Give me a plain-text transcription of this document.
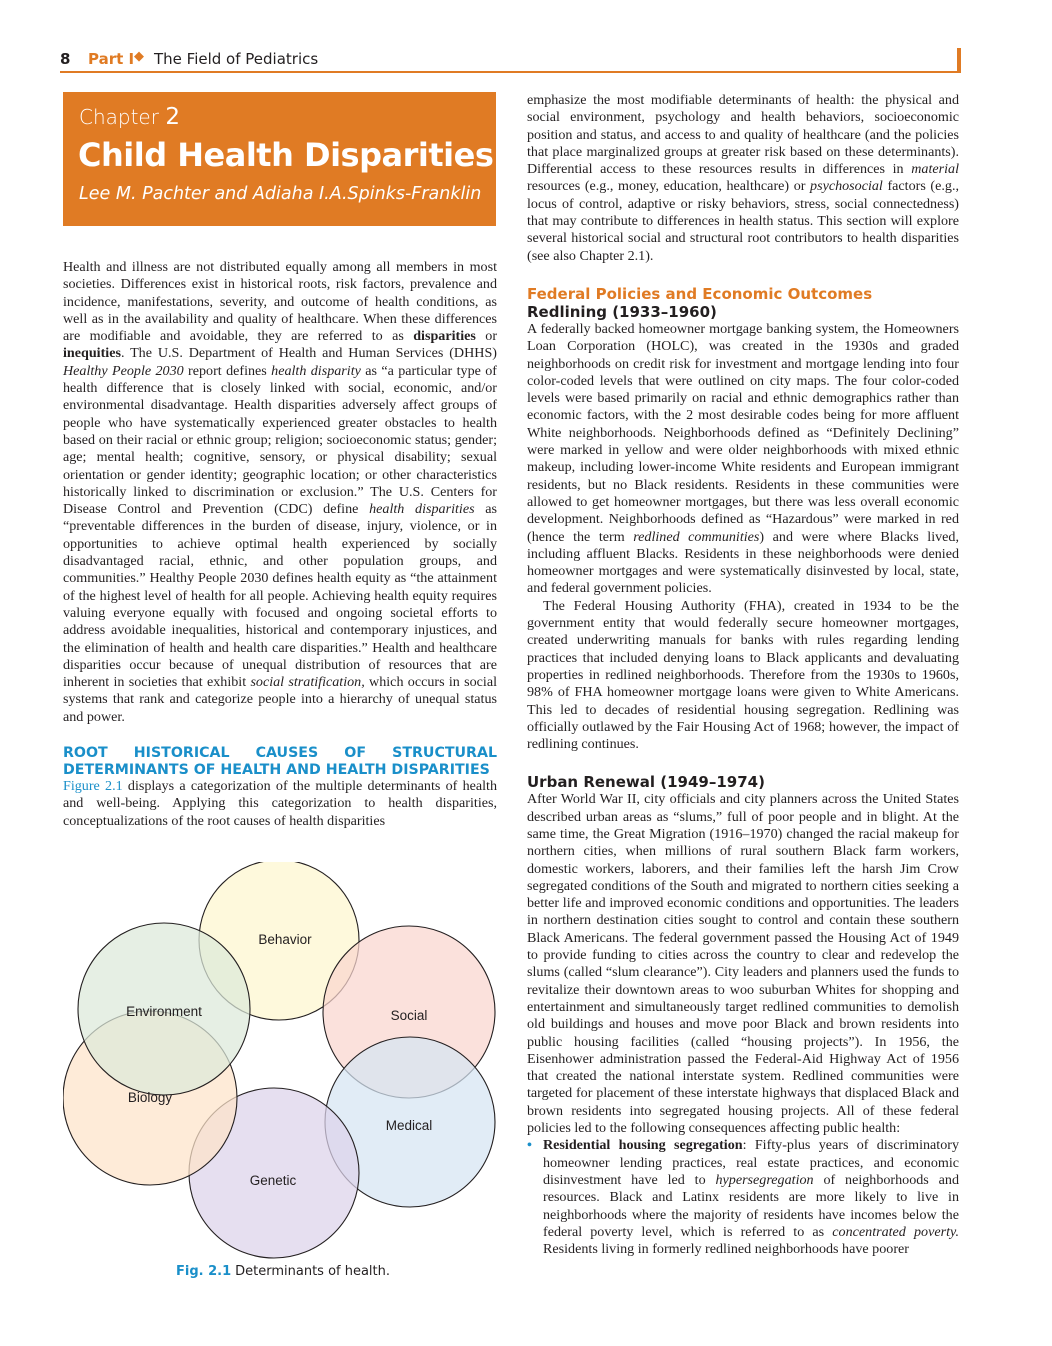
8 Part I ◆ The Field of Pediatrics
Chapter 2
Child Health Disparities
Lee M. Pachter and Adiaha I.A.Spinks-Franklin

Health and illness are not distributed equally among all members in most societies. Differences exist in historical roots, risk factors, prevalence and incidence, manifestations, severity, and outcome of health conditions, as well as in the availability and quality of healthcare. When these differences are modifiable and avoidable, they are referred to as disparities or inequities. The U.S. Department of Health and Human Services (DHHS) Healthy People 2030 report defines health disparity as “a particular type of health difference that is closely linked with social, economic, and/or environmental disadvantage. Health disparities adversely affect groups of people who have systematically experienced greater obstacles to health based on their racial or ethnic group; religion; socioeconomic status; gender; age; mental health; cognitive, sensory, or physical disability; sexual orientation or gender identity; geographic location; or other characteristics historically linked to discrimination or exclusion.” The U.S. Centers for Disease Control and Prevention (CDC) define health disparities as “preventable differences in the burden of disease, injury, violence, or in opportunities to achieve optimal health experienced by socially disadvantaged racial, ethnic, and other population groups, and communities.” Healthy People 2030 defines health equity as “the attainment of the highest level of health for all people. Achieving health equity requires valuing everyone equally with focused and ongoing societal efforts to address avoidable inequalities, historical and contemporary injustices, and the elimination of health and health care disparities.” Health and healthcare disparities occur because of unequal distribution of resources that are inherent in societies that exhibit social stratification, which occurs in social systems that rank and categorize people into a hierarchy of unequal status and power.

ROOT HISTORICAL CAUSES OF STRUCTURAL DETERMINANTS OF HEALTH AND HEALTH DISPARITIES

Figure 2.1 displays a categorization of the multiple determinants of health and well-being. Applying this categorization to health disparities, conceptualizations of the root causes of health disparities

Behavior
Social
Medical
Genetic
Biology
Environment
Fig. 2.1 Determinants of health.

emphasize the most modifiable determinants of health: the physical and social environment, psychology and health behaviors, socioeconomic position and status, and access to and quality of healthcare (and the policies that place marginalized groups at greater risk based on these determinants). Differential access to these resources results in differences in material resources (e.g., money, education, healthcare) or psychosocial factors (e.g., locus of control, adaptive or risky behaviors, stress, social connectedness) that may contribute to differences in health status. This section will explore several historical social and structural root contributors to health disparities (see also Chapter 2.1).

Federal Policies and Economic Outcomes
Redlining (1933–1960)

A federally backed homeowner mortgage banking system, the Homeowners Loan Corporation (HOLC), was created in the 1930s and graded neighborhoods on credit risk for investment and mortgage lending into four color-coded levels that were outlined on city maps. The four color-coded levels were based primarily on racial and ethnic demographics rather than economic factors, with the 2 most desirable codes being for more affluent White neighborhoods. Neighborhoods defined as “Definitely Declining” were marked in yellow and were older neighborhoods with mixed ethnic makeup, including lower-income White residents and European immigrant residents, but no Black residents. Residents in these communities were allowed to get homeowner mortgages, but there was less overall economic development. Neighborhoods defined as “Hazardous” were marked in red (hence the term redlined communities) and were where Blacks lived, including affluent Blacks. Residents in these neighborhoods were denied homeowner mortgages and were systematically disinvested by local, state, and federal government policies.

The Federal Housing Authority (FHA), created in 1934 to be the government entity that would federally secure homeowner mortgages, created underwriting manuals for banks with rules regarding lending practices that included denying loans to Black applicants and devaluating properties in redlined neighborhoods. Therefore from the 1930s to 1960s, 98% of FHA homeowner mortgage loans were given to White Americans. This led to decades of residential housing segregation. Redlining was officially outlawed by the Fair Housing Act of 1968; however, the impact of redlining continues.

Urban Renewal (1949–1974)

After World War II, city officials and city planners across the United States described urban areas as “slums,” full of poor people and in blight. At the same time, the Great Migration (1916–1970) changed the racial makeup for northern cities, when millions of rural southern Black farm workers, domestic workers, laborers, and their families left the harsh Jim Crow segregated conditions of the South and migrated to northern cities seeking a better life and improved economic conditions and opportunities. The leaders in northern destination cities sought to control and contain these southern Black Americans. The federal government passed the Housing Act of 1949 to provide funding to cities across the country to clear and redevelop the slums (called “slum clearance”). City leaders and planners used the funds to revitalize their downtown areas to woo suburban Whites for shopping and entertainment and simultaneously target redlined communities to demolish old buildings and houses and move poor Black and brown residents into public housing facilities (called “housing projects”). In 1956, the Eisenhower administration passed the Federal-Aid Highway Act of 1956 that created the national interstate system. Redlined communities were targeted for placement of these interstate highways that displaced Black and brown residents into segregated housing projects. All of these federal policies led to the following consequences affecting public health:

• Residential housing segregation: Fifty-plus years of discriminatory homeowner lending practices, real estate practices, and economic disinvestment have led to hypersegregation of neighborhoods and resources. Black and Latinx residents are more likely to live in neighborhoods where the majority of residents have incomes below the federal poverty level, which is referred to as concentrated poverty. Residents living in formerly redlined neighborhoods have poorer
